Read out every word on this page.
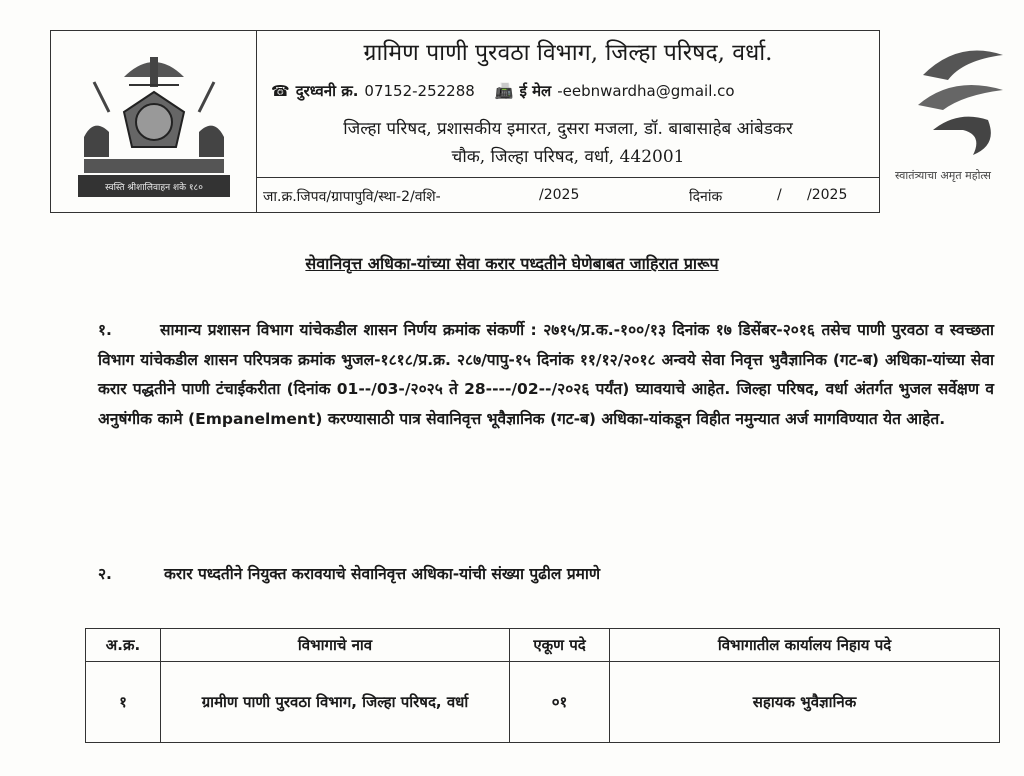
स्वस्ति श्रीशालिवाहन शके १८०
ग्रामिण पाणी पुरवठा विभाग, जिल्हा परिषद, वर्धा.
☎ दुरध्वनी क्र. 07152-252288 📠 ई मेल -eebnwardha@gmail.co
जिल्हा परिषद, प्रशासकीय इमारत, दुसरा मजला, डॉ. बाबासाहेब आंबेडकर
चौक, जिल्हा परिषद, वर्धा, 442001
जा.क्र.जिपव/ग्रापापुवि/स्था-2/वशि-	/2025	दिनांक	/ /2025
स्वातंत्र्याचा अमृत महोत्स
सेवानिवृत्त अधिका-यांच्या सेवा करार पध्दतीने घेणेबाबत जाहिरात प्रारूप
१.	सामान्य प्रशासन विभाग यांचेकडील शासन निर्णय क्रमांक संकर्णी : २७१५/प्र.क.-१००/१३ दिनांक १७ डिसेंबर-२०१६ तसेच पाणी पुरवठा व स्वच्छता विभाग यांचेकडील शासन परिपत्रक क्रमांक भुजल-१८१८/प्र.क्र. २८७/पापु-१५ दिनांक ११/१२/२०१८ अन्वये सेवा निवृत्त भुवैज्ञानिक (गट-ब) अधिका-यांच्या सेवा करार पद्धतीने पाणी टंचाईकरीता (दिनांक 01--/03-/२०२५ ते 28----/02--/२०२६ पर्यंत) घ्यावयाचे आहेत. जिल्हा परिषद, वर्धा अंतर्गत भुजल सर्वेक्षण व अनुषंगीक कामे (Empanelment) करण्यासाठी पात्र सेवानिवृत्त भूवैज्ञानिक (गट-ब) अधिका-यांकडून विहीत नमुन्यात अर्ज मागविण्यात येत आहेत.
२.	करार पध्दतीने नियुक्त करावयाचे सेवानिवृत्त अधिका-यांची संख्या पुढील प्रमाणे
अ.क्र.	विभागाचे नाव	एकूण पदे	विभागातील कार्यालय निहाय पदे
१	ग्रामीण पाणी पुरवठा विभाग, जिल्हा परिषद, वर्धा	०१	सहायक भुवैज्ञानिक
